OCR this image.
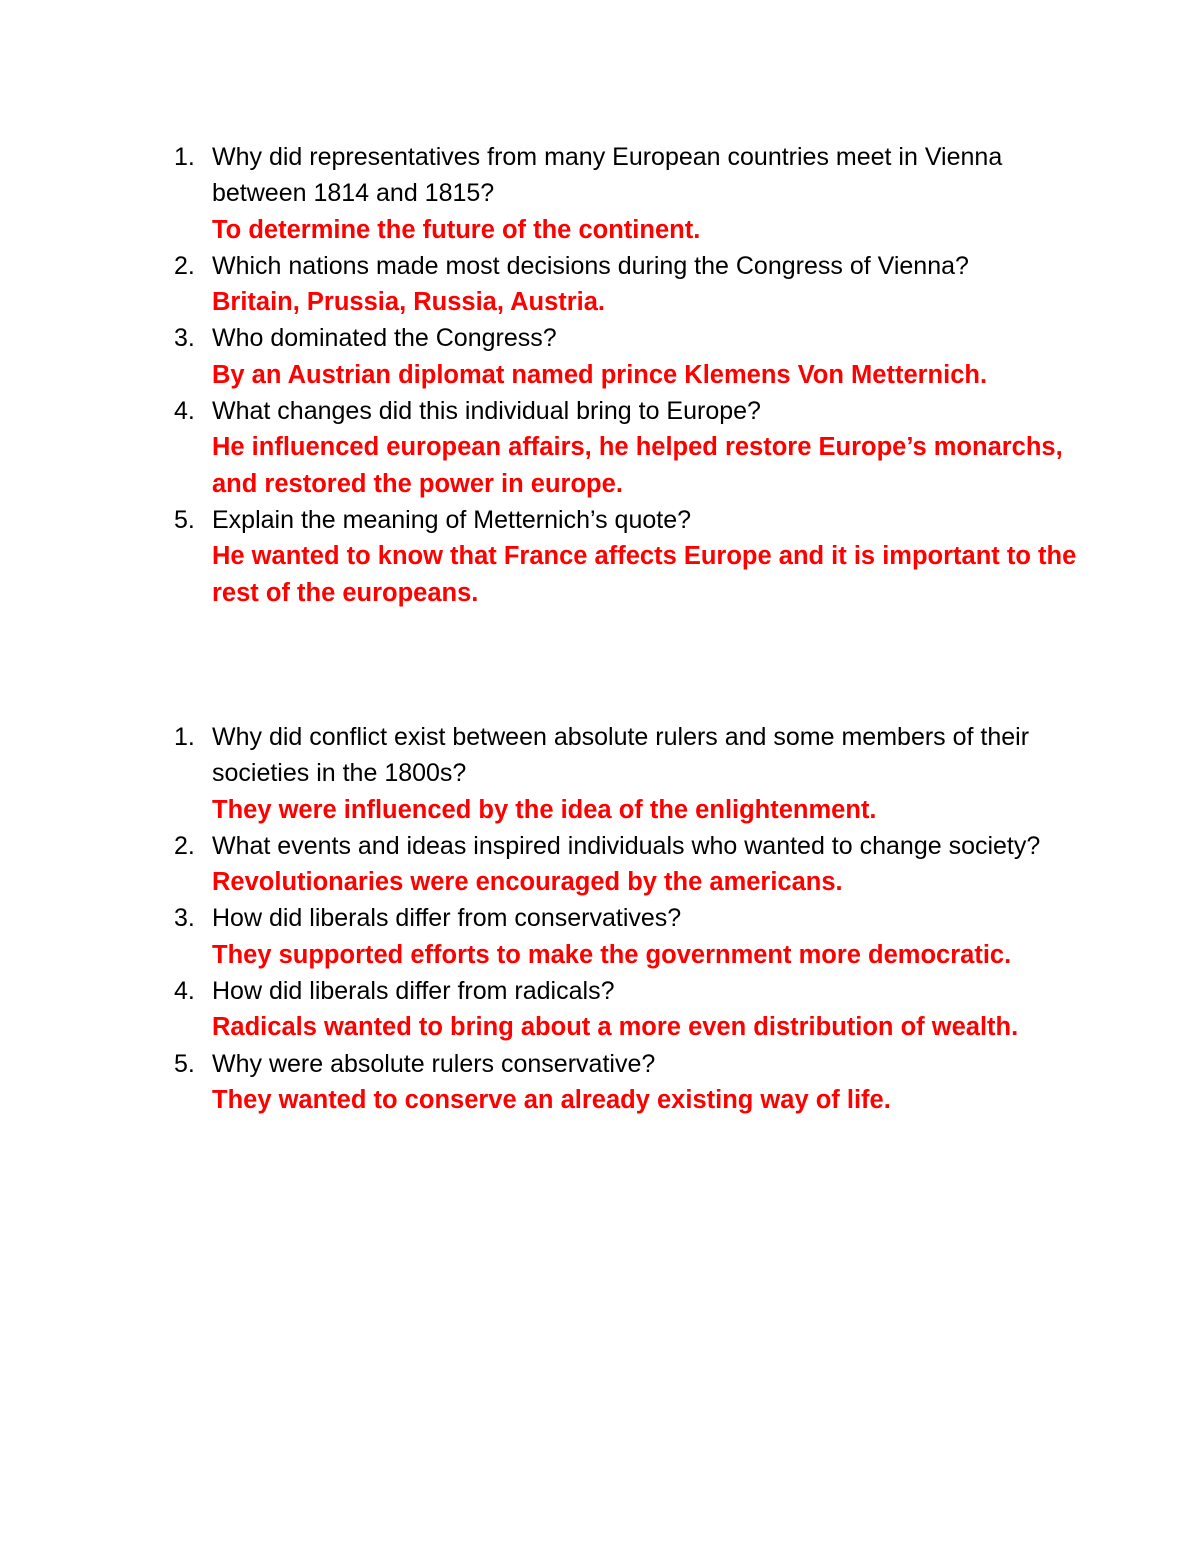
1. Why did representatives from many European countries meet in Vienna between 1814 and 1815?
To determine the future of the continent.
2. Which nations made most decisions during the Congress of Vienna?
Britain, Prussia, Russia, Austria.
3. Who dominated the Congress?
By an Austrian diplomat named prince Klemens Von Metternich.
4. What changes did this individual bring to Europe?
He influenced european affairs, he helped restore Europe’s monarchs, and restored the power in europe.
5. Explain the meaning of Metternich’s quote?
He wanted to know that France affects Europe and it is important to the rest of the europeans.
1. Why did conflict exist between absolute rulers and some members of their societies in the 1800s?
They were influenced by the idea of the enlightenment.
2. What events and ideas inspired individuals who wanted to change society?
Revolutionaries were encouraged by the americans.
3. How did liberals differ from conservatives?
They supported efforts to make the government more democratic.
4. How did liberals differ from radicals?
Radicals wanted to bring about a more even distribution of wealth.
5. Why were absolute rulers conservative?
They wanted to conserve an already existing way of life.
